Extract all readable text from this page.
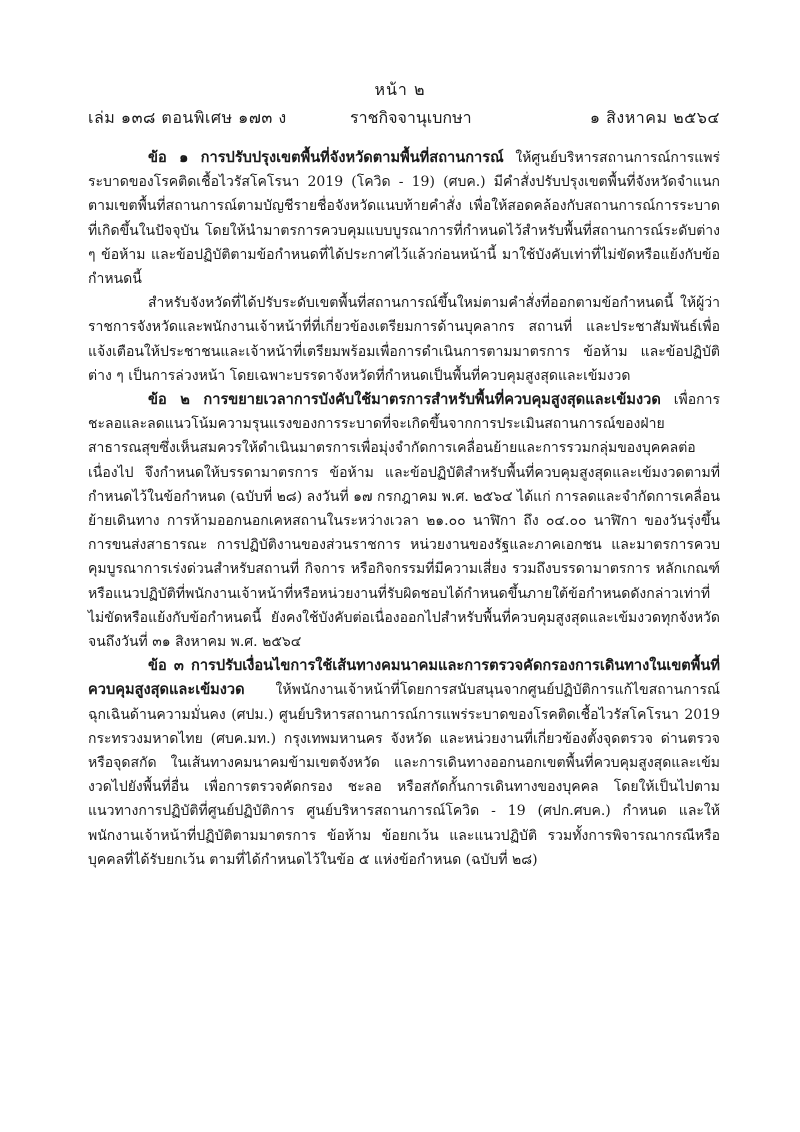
หน้า ๒
เล่ม ๑๓๘ ตอนพิเศษ ๑๗๓ ง	ราชกิจจานุเบกษา	๑ สิงหาคม ๒๕๖๔

ข้อ ๑ การปรับปรุงเขตพื้นที่จังหวัดตามพื้นที่สถานการณ์ ให้ศูนย์บริหารสถานการณ์การแพร่ระบาดของโรคติดเชื้อไวรัสโคโรนา 2019 (โควิด - 19) (ศบค.) มีคำสั่งปรับปรุงเขตพื้นที่จังหวัดจำแนกตามเขตพื้นที่สถานการณ์ตามบัญชีรายชื่อจังหวัดแนบท้ายคำสั่ง เพื่อให้สอดคล้องกับสถานการณ์การระบาดที่เกิดขึ้นในปัจจุบัน โดยให้นำมาตรการควบคุมแบบบูรณาการที่กำหนดไว้สำหรับพื้นที่สถานการณ์ระดับต่าง ๆ ข้อห้าม และข้อปฏิบัติตามข้อกำหนดที่ได้ประกาศไว้แล้วก่อนหน้านี้ มาใช้บังคับเท่าที่ไม่ขัดหรือแย้งกับข้อกำหนดนี้

สำหรับจังหวัดที่ได้ปรับระดับเขตพื้นที่สถานการณ์ขึ้นใหม่ตามคำสั่งที่ออกตามข้อกำหนดนี้ ให้ผู้ว่าราชการจังหวัดและพนักงานเจ้าหน้าที่ที่เกี่ยวข้องเตรียมการด้านบุคลากร สถานที่ และประชาสัมพันธ์เพื่อแจ้งเตือนให้ประชาชนและเจ้าหน้าที่เตรียมพร้อมเพื่อการดำเนินการตามมาตรการ ข้อห้าม และข้อปฏิบัติต่าง ๆ เป็นการล่วงหน้า โดยเฉพาะบรรดาจังหวัดที่กำหนดเป็นพื้นที่ควบคุมสูงสุดและเข้มงวด

ข้อ ๒ การขยายเวลาการบังคับใช้มาตรการสำหรับพื้นที่ควบคุมสูงสุดและเข้มงวด เพื่อการชะลอและลดแนวโน้มความรุนแรงของการระบาดที่จะเกิดขึ้นจากการประเมินสถานการณ์ของฝ่ายสาธารณสุขซึ่งเห็นสมควรให้ดำเนินมาตรการเพื่อมุ่งจำกัดการเคลื่อนย้ายและการรวมกลุ่มของบุคคลต่อเนื่องไป จึงกำหนดให้บรรดามาตรการ ข้อห้าม และข้อปฏิบัติสำหรับพื้นที่ควบคุมสูงสุดและเข้มงวดตามที่กำหนดไว้ในข้อกำหนด (ฉบับที่ ๒๘) ลงวันที่ ๑๗ กรกฎาคม พ.ศ. ๒๕๖๔ ได้แก่ การลดและจำกัดการเคลื่อนย้ายเดินทาง การห้ามออกนอกเคหสถานในระหว่างเวลา ๒๑.๐๐ นาฬิกา ถึง ๐๔.๐๐ นาฬิกา ของวันรุ่งขึ้น การขนส่งสาธารณะ การปฏิบัติงานของส่วนราชการ หน่วยงานของรัฐและภาคเอกชน และมาตรการควบคุมบูรณาการเร่งด่วนสำหรับสถานที่ กิจการ หรือกิจกรรมที่มีความเสี่ยง รวมถึงบรรดามาตรการ หลักเกณฑ์ หรือแนวปฏิบัติที่พนักงานเจ้าหน้าที่หรือหน่วยงานที่รับผิดชอบได้กำหนดขึ้นภายใต้ข้อกำหนดดังกล่าวเท่าที่ไม่ขัดหรือแย้งกับข้อกำหนดนี้ ยังคงใช้บังคับต่อเนื่องออกไปสำหรับพื้นที่ควบคุมสูงสุดและเข้มงวดทุกจังหวัด จนถึงวันที่ ๓๑ สิงหาคม พ.ศ. ๒๕๖๔

ข้อ ๓ การปรับเงื่อนไขการใช้เส้นทางคมนาคมและการตรวจคัดกรองการเดินทางในเขตพื้นที่ควบคุมสูงสุดและเข้มงวด ให้พนักงานเจ้าหน้าที่โดยการสนับสนุนจากศูนย์ปฏิบัติการแก้ไขสถานการณ์ฉุกเฉินด้านความมั่นคง (ศปม.) ศูนย์บริหารสถานการณ์การแพร่ระบาดของโรคติดเชื้อไวรัสโคโรนา 2019 กระทรวงมหาดไทย (ศบค.มท.) กรุงเทพมหานคร จังหวัด และหน่วยงานที่เกี่ยวข้องตั้งจุดตรวจ ด่านตรวจ หรือจุดสกัด ในเส้นทางคมนาคมข้ามเขตจังหวัด และการเดินทางออกนอกเขตพื้นที่ควบคุมสูงสุดและเข้มงวดไปยังพื้นที่อื่น เพื่อการตรวจคัดกรอง ชะลอ หรือสกัดกั้นการเดินทางของบุคคล โดยให้เป็นไปตามแนวทางการปฏิบัติที่ศูนย์ปฏิบัติการ ศูนย์บริหารสถานการณ์โควิด - 19 (ศปก.ศบค.) กำหนด และให้พนักงานเจ้าหน้าที่ปฏิบัติตามมาตรการ ข้อห้าม ข้อยกเว้น และแนวปฏิบัติ รวมทั้งการพิจารณากรณีหรือบุคคลที่ได้รับยกเว้น ตามที่ได้กำหนดไว้ในข้อ ๕ แห่งข้อกำหนด (ฉบับที่ ๒๘)
